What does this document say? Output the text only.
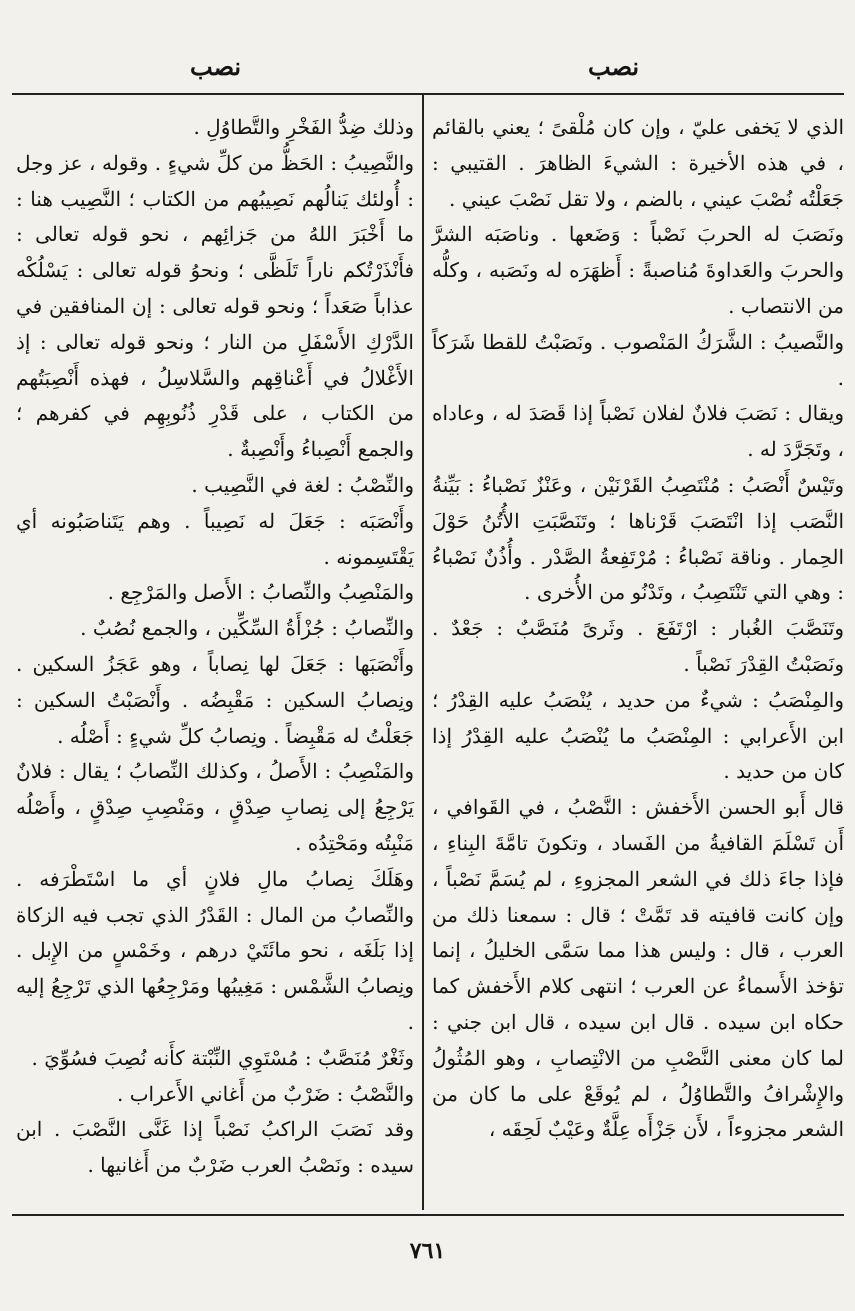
نصب
نصب

الذي لا يَخفى عليّ ، وإن كان مُلْقىً ؛ يعني بالقائم ، في هذه الأخيرة : الشيءَ الظاهرَ . القتيبي : جَعَلْتُه نُصْبَ عيني ، بالضم ، ولا تقل نَصْبَ عيني .

ونَصَبَ له الحربَ نَصْباً : وَضَعها . وناصَبَه الشرَّ والحربَ والعَداوةَ مُناصبةً : أَظهَرَه له ونَصَبه ، وكلُّه من الانتصاب .

والنَّصيبُ : الشَّرَكُ المَنْصوب . ونَصَبْتُ للقطا شَرَكاً .

ويقال : نَصَبَ فلانٌ لفلان نَصْباً إذا قَصَدَ له ، وعاداه ، وتَجَرَّدَ له .

وتَيْسٌ أَنْصَبُ : مُنْتَصِبُ القَرْنَيْن ، وعَنْزٌ نَصْباءُ : بَيِّنةُ النَّصَب إذا انْتَصَبَ قَرْناها ؛ وتَنَصَّبَتِ الأُتُنُ حَوْلَ الحِمار . وناقة نَصْباءُ : مُرْتَفِعةُ الصَّدْر . وأُذُنٌ نَصْباءُ : وهي التي تَنْتَصِبُ ، وتَدْنُو من الأُخرى .

وتَنَصَّبَ الغُبار : ارْتَفَعَ . وثَرىً مُنَصَّبٌ : جَعْدٌ . ونَصَبْتُ القِدْرَ نَصْباً .

والمِنْصَبُ : شيءٌ من حديد ، يُنْصَبُ عليه القِدْرُ ؛ ابن الأَعرابي : المِنْصَبُ ما يُنْصَبُ عليه القِدْرُ إذا كان من حديد .

قال أَبو الحسن الأَخفش : النَّصْبُ ، في القَوافي ، أَن تَسْلَمَ القافيةُ من الفَساد ، وتكونَ تامَّةَ البِناءِ ، فإذا جاءَ ذلك في الشعر المجزوءِ ، لم يُسَمَّ نَصْباً ، وإن كانت قافيته قد تَمَّتْ ؛ قال : سمعنا ذلك من العرب ، قال : وليس هذا مما سَمَّى الخليلُ ، إنما تؤخذ الأَسماءُ عن العرب ؛ انتهى كلام الأَخفش كما حكاه ابن سيده . قال ابن سيده ، قال ابن جني : لما كان معنى النَّصْبِ من الانْتِصابِ ، وهو المُثُولُ والإِشْرافُ والتَّطاوُلُ ، لم يُوقَعْ على ما كان من الشعر مجزوءاً ، لأَن جَزْأَه عِلَّةٌ وعَيْبٌ لَحِقَه ،

وذلك ضِدُّ الفَخْرِ والتَّطاوُلِ .

والنَّصِيبُ : الحَظُّ من كلِّ شيءٍ . وقوله ، عز وجل : أُولئك يَنالُهم نَصِيبُهم من الكتاب ؛ النَّصِيب هنا : ما أَخْبَرَ اللهُ من جَزائِهم ، نحو قوله تعالى : فأَنْذَرْتُكم ناراً تَلَظَّى ؛ ونحوُ قوله تعالى : يَسْلُكْه عذاباً صَعَداً ؛ ونحو قوله تعالى : إن المنافقين في الدَّرْكِ الأَسْفَلِ من النار ؛ ونحو قوله تعالى : إذ الأَغْلالُ في أَعْناقِهم والسَّلاسِلُ ، فهذه أَنْصِبَتُهم من الكتاب ، على قَدْرِ ذُنُوبِهِم في كفرهم ؛ والجمع أَنْصِباءُ وأَنْصِبةٌ .

والنِّصْبُ : لغة في النَّصِيب .

وأَنْصَبَه : جَعَلَ له نَصِيباً . وهم يَتَناصَبُونه أي يَقْتَسِمونه .

والمَنْصِبُ والنِّصابُ : الأَصل والمَرْجِع .

والنِّصابُ : جُزْأَةُ السِّكِّين ، والجمع نُصُبٌ .

وأَنْصَبَها : جَعَلَ لها نِصاباً ، وهو عَجَزُ السكين . ونِصابُ السكين : مَقْبِضُه . وأَنْصَبْتُ السكين : جَعَلْتُ له مَقْبِضاً . ونِصابُ كلِّ شيءٍ : أَصْلُه .

والمَنْصِبُ : الأَصلُ ، وكذلك النِّصابُ ؛ يقال : فلانٌ يَرْجِعُ إلى نِصابِ صِدْقٍ ، ومَنْصِبِ صِدْقٍ ، وأَصْلُه مَنْبِتُه ومَحْتِدُه .

وهَلَكَ نِصابُ مالِ فلانٍ أي ما اسْتَطْرَفه . والنِّصابُ من المال : القَدْرُ الذي تجب فيه الزكاة إذا بَلَغَه ، نحو مائَتَيْ درهم ، وخَمْسٍ من الإِبل . ونِصابُ الشَّمْس : مَغِيبُها ومَرْجِعُها الذي تَرْجِعُ إليه .

وثَغْرٌ مُنَصَّبٌ : مُسْتَوِي النِّبْتة كأَنه نُصِبَ فسُوِّيَ .

والنَّصْبُ : ضَرْبٌ من أَغاني الأَعراب .

وقد نَصَبَ الراكبُ نَصْباً إذا غَنَّى النَّصْبَ . ابن سيده : ونَصْبُ العرب ضَرْبٌ من أَغانيها .

٧٦١
